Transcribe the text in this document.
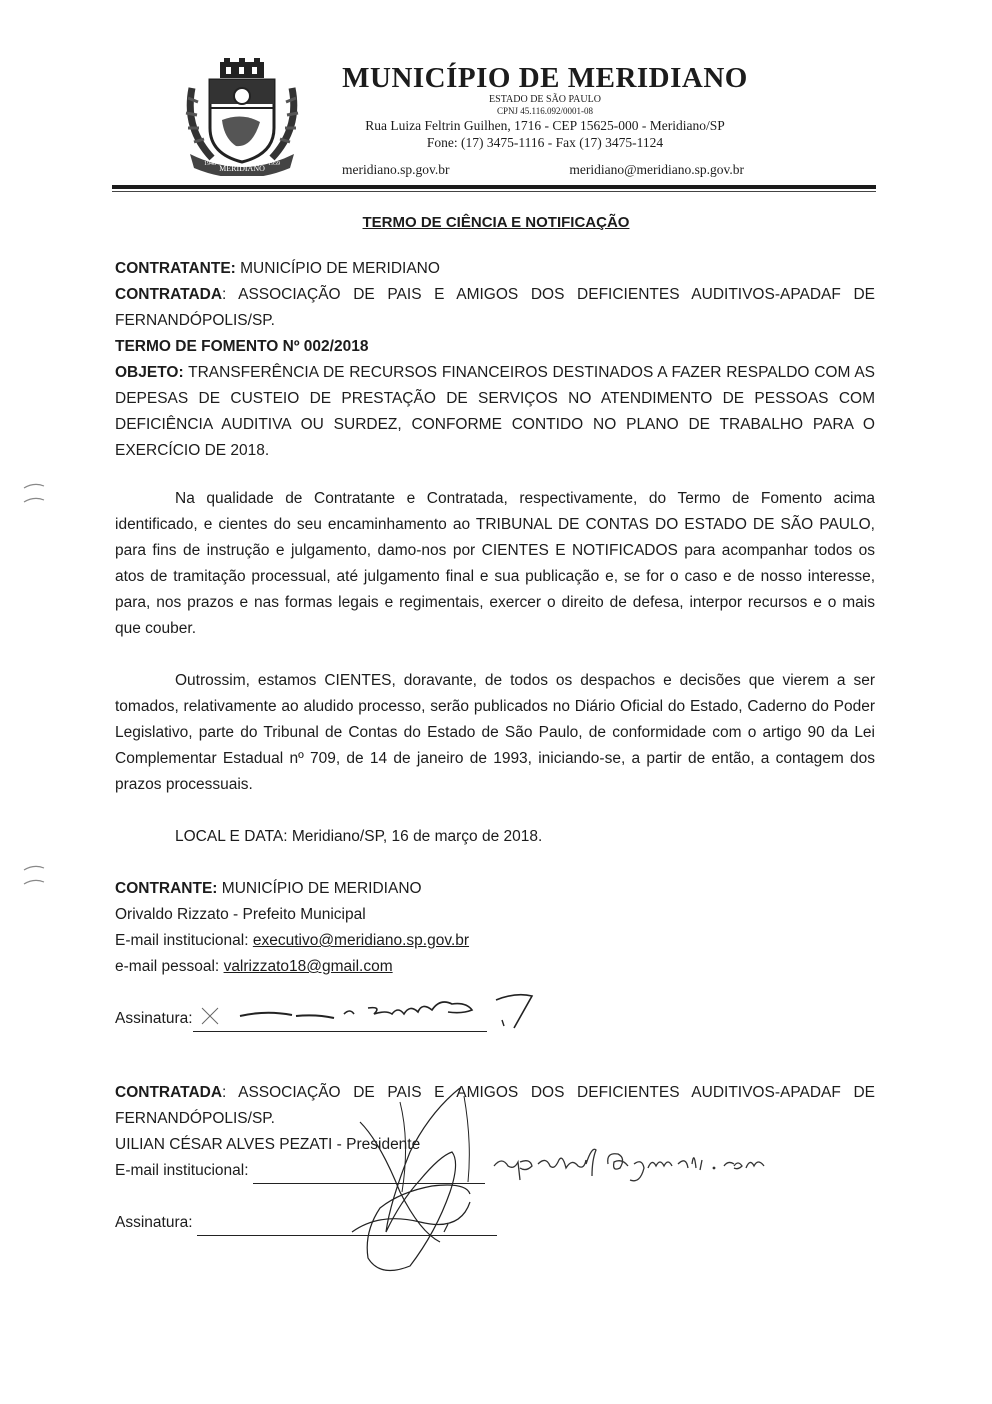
MERIDIANO
1948	1959
MUNICÍPIO DE MERIDIANO
ESTADO DE SÃO PAULO
CPNJ 45.116.092/0001-08
Rua Luiza Feltrin Guilhen, 1716 - CEP 15625-000 - Meridiano/SP
Fone: (17) 3475-1116 - Fax (17) 3475-1124
meridiano.sp.gov.br	meridiano@meridiano.sp.gov.br
TERMO DE CIÊNCIA E NOTIFICAÇÃO
CONTRATANTE: MUNICÍPIO DE MERIDIANO
CONTRATADA: ASSOCIAÇÃO DE PAIS E AMIGOS DOS DEFICIENTES AUDITIVOS-APADAF DE FERNANDÓPOLIS/SP.
TERMO DE FOMENTO Nº 002/2018
OBJETO: TRANSFERÊNCIA DE RECURSOS FINANCEIROS DESTINADOS A FAZER RESPALDO COM AS DEPESAS DE CUSTEIO DE PRESTAÇÃO DE SERVIÇOS NO ATENDIMENTO DE PESSOAS COM DEFICIÊNCIA AUDITIVA OU SURDEZ, CONFORME CONTIDO NO PLANO DE TRABALHO PARA O EXERCÍCIO DE 2018.
Na qualidade de Contratante e Contratada, respectivamente, do Termo de Fomento acima identificado, e cientes do seu encaminhamento ao TRIBUNAL DE CONTAS DO ESTADO DE SÃO PAULO, para fins de instrução e julgamento, damo-nos por CIENTES E NOTIFICADOS para acompanhar todos os atos de tramitação processual, até julgamento final e sua publicação e, se for o caso e de nosso interesse, para, nos prazos e nas formas legais e regimentais, exercer o direito de defesa, interpor recursos e o mais que couber.
Outrossim, estamos CIENTES, doravante, de todos os despachos e decisões que vierem a ser tomados, relativamente ao aludido processo, serão publicados no Diário Oficial do Estado, Caderno do Poder Legislativo, parte do Tribunal de Contas do Estado de São Paulo, de conformidade com o artigo 90 da Lei Complementar Estadual nº 709, de 14 de janeiro de 1993, iniciando-se, a partir de então, a contagem dos prazos processuais.
LOCAL E DATA: Meridiano/SP, 16 de março de 2018.
CONTRANTE: MUNICÍPIO DE MERIDIANO
Orivaldo Rizzato - Prefeito Municipal
E-mail institucional: executivo@meridiano.sp.gov.br
e-mail pessoal: valrizzato18@gmail.com
Assinatura:
CONTRATADA: ASSOCIAÇÃO DE PAIS E AMIGOS DOS DEFICIENTES AUDITIVOS-APADAF DE FERNANDÓPOLIS/SP.
UILIAN CÉSAR ALVES PEZATI - Presidente
E-mail institucional:
Assinatura:
